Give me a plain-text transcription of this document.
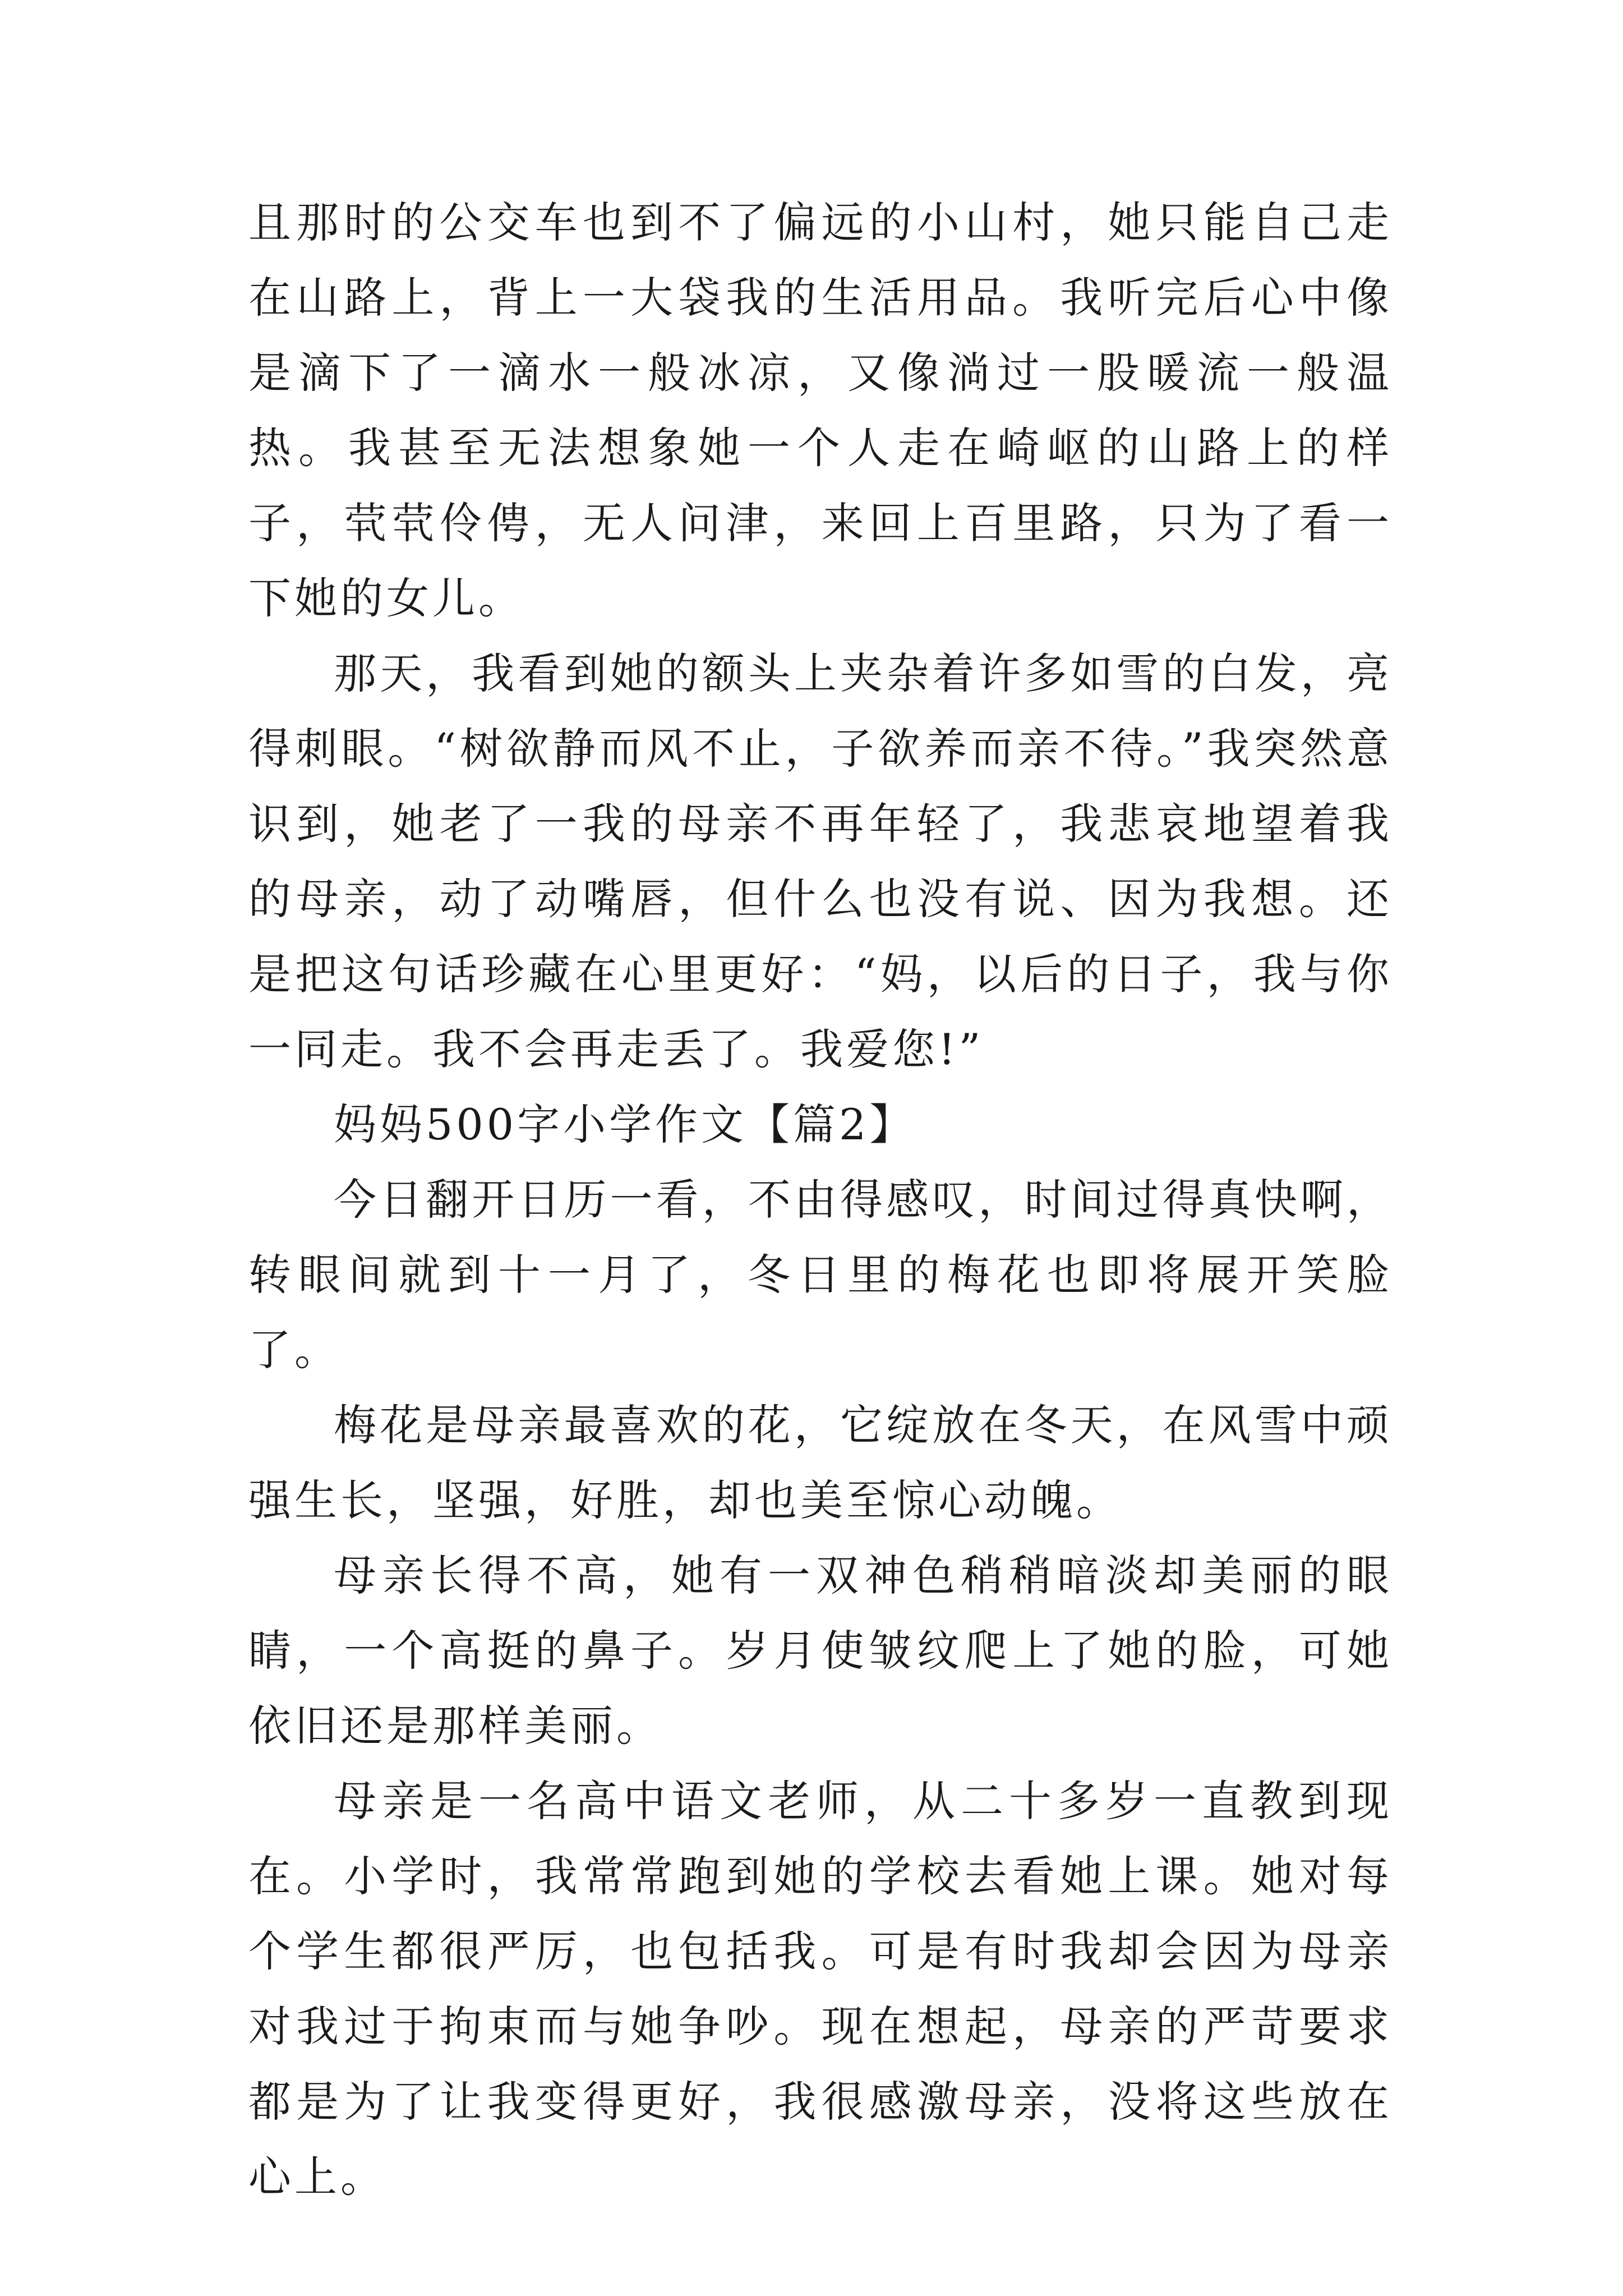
且那时的公交车也到不了偏远的小山村，她只能自己走在山路上，背上一大袋我的生活用品。我听完后心中像是滴下了一滴水一般冰凉，又像淌过一股暖流一般温热。我甚至无法想象她一个人走在崎岖的山路上的样子，茕茕伶俜，无人问津，来回上百里路，只为了看一下她的女儿。

那天，我看到她的额头上夹杂着许多如雪的白发，亮得刺眼。“树欲静而风不止，子欲养而亲不待。”我突然意识到，她老了一我的母亲不再年轻了，我悲哀地望着我的母亲，动了动嘴唇，但什么也没有说、因为我想。还是把这句话珍藏在心里更好：“妈，以后的日子，我与你一同走。我不会再走丢了。我爱您!”

妈妈500字小学作文【篇2】

今日翻开日历一看，不由得感叹，时间过得真快啊，转眼间就到十一月了，冬日里的梅花也即将展开笑脸了。

梅花是母亲最喜欢的花，它绽放在冬天，在风雪中顽强生长，坚强，好胜，却也美至惊心动魄。

母亲长得不高，她有一双神色稍稍暗淡却美丽的眼睛，一个高挺的鼻子。岁月使皱纹爬上了她的脸，可她依旧还是那样美丽。

母亲是一名高中语文老师，从二十多岁一直教到现在。小学时，我常常跑到她的学校去看她上课。她对每个学生都很严厉，也包括我。可是有时我却会因为母亲对我过于拘束而与她争吵。现在想起，母亲的严苛要求都是为了让我变得更好，我很感激母亲，没将这些放在心上。
